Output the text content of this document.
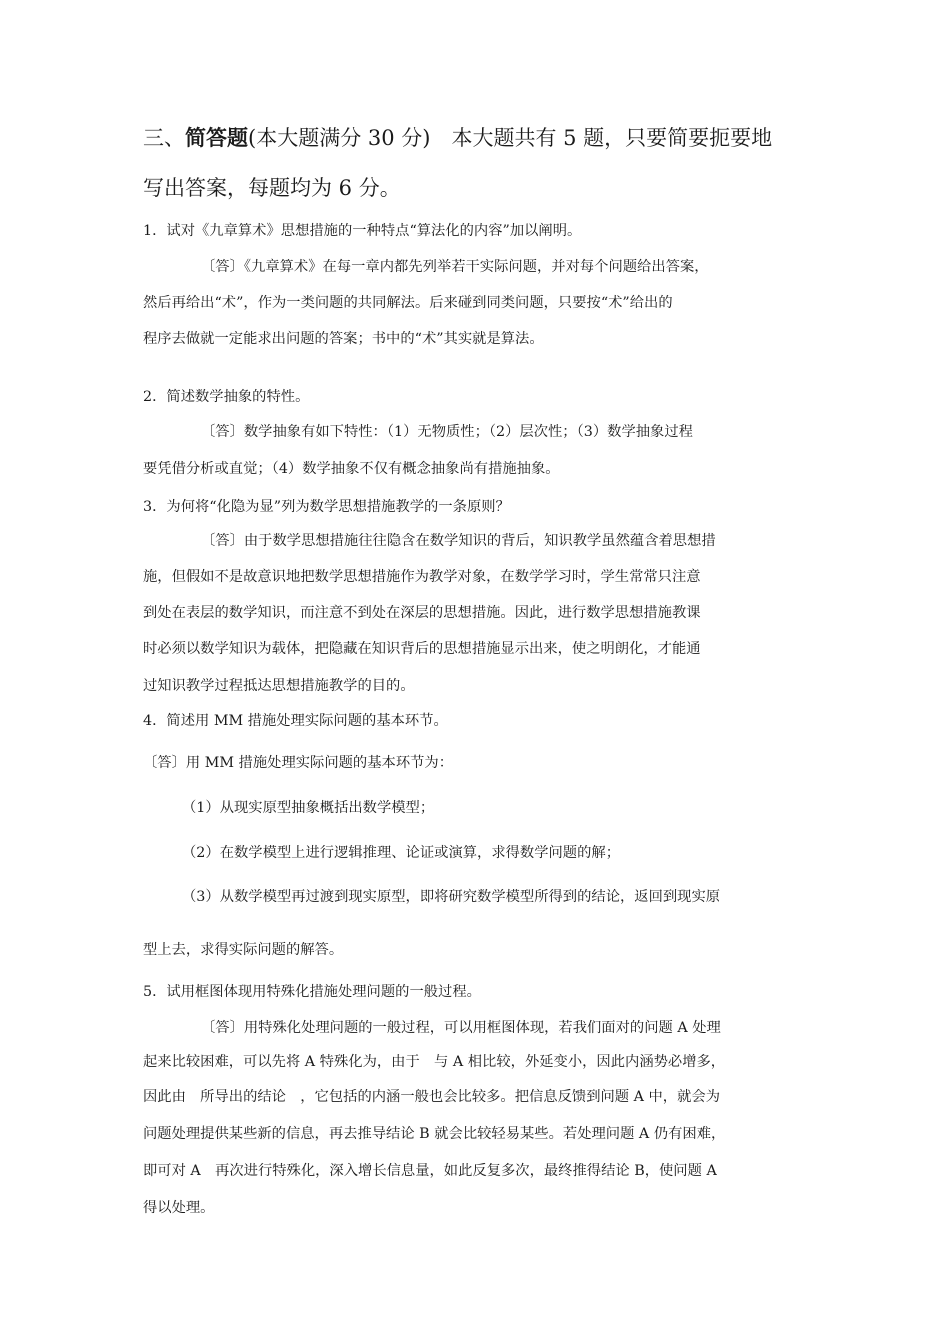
三、简答题(本大题满分 30 分)　本大题共有 5 题，只要简要扼要地
写出答案，每题均为 6 分。
1．试对《九章算术》思想措施的一种特点“算法化的内容”加以阐明。
〔答〕《九章算术》在每一章内都先列举若干实际问题，并对每个问题给出答案，
然后再给出“术”，作为一类问题的共同解法。后来碰到同类问题，只要按“术”给出的
程序去做就一定能求出问题的答案；书中的“术”其实就是算法。
2．简述数学抽象的特性。
〔答〕数学抽象有如下特性：（1）无物质性；（2）层次性；（3）数学抽象过程
要凭借分析或直觉；（4）数学抽象不仅有概念抽象尚有措施抽象。
3．为何将“化隐为显”列为数学思想措施教学的一条原则？
〔答〕由于数学思想措施往往隐含在数学知识的背后，知识教学虽然蕴含着思想措
施，但假如不是故意识地把数学思想措施作为教学对象，在数学学习时，学生常常只注意
到处在表层的数学知识，而注意不到处在深层的思想措施。因此，进行数学思想措施教课
时必须以数学知识为载体，把隐藏在知识背后的思想措施显示出来，使之明朗化，才能通
过知识教学过程抵达思想措施教学的目的。
4．简述用 MM 措施处理实际问题的基本环节。
〔答〕用 MM 措施处理实际问题的基本环节为：
（1）从现实原型抽象概括出数学模型；
（2）在数学模型上进行逻辑推理、论证或演算，求得数学问题的解；
（3）从数学模型再过渡到现实原型，即将研究数学模型所得到的结论，返回到现实原
型上去，求得实际问题的解答。
5．试用框图体现用特殊化措施处理问题的一般过程。
〔答〕用特殊化处理问题的一般过程，可以用框图体现，若我们面对的问题 A 处理
起来比较困难，可以先将 A 特殊化为，由于　与 A 相比较，外延变小，因此内涵势必增多，
因此由　所导出的结论　，它包括的内涵一般也会比较多。把信息反馈到问题 A 中，就会为
问题处理提供某些新的信息，再去推导结论 B 就会比较轻易某些。若处理问题 A 仍有困难，
即可对 A　再次进行特殊化，深入增长信息量，如此反复多次，最终推得结论 B，使问题 A
得以处理。
